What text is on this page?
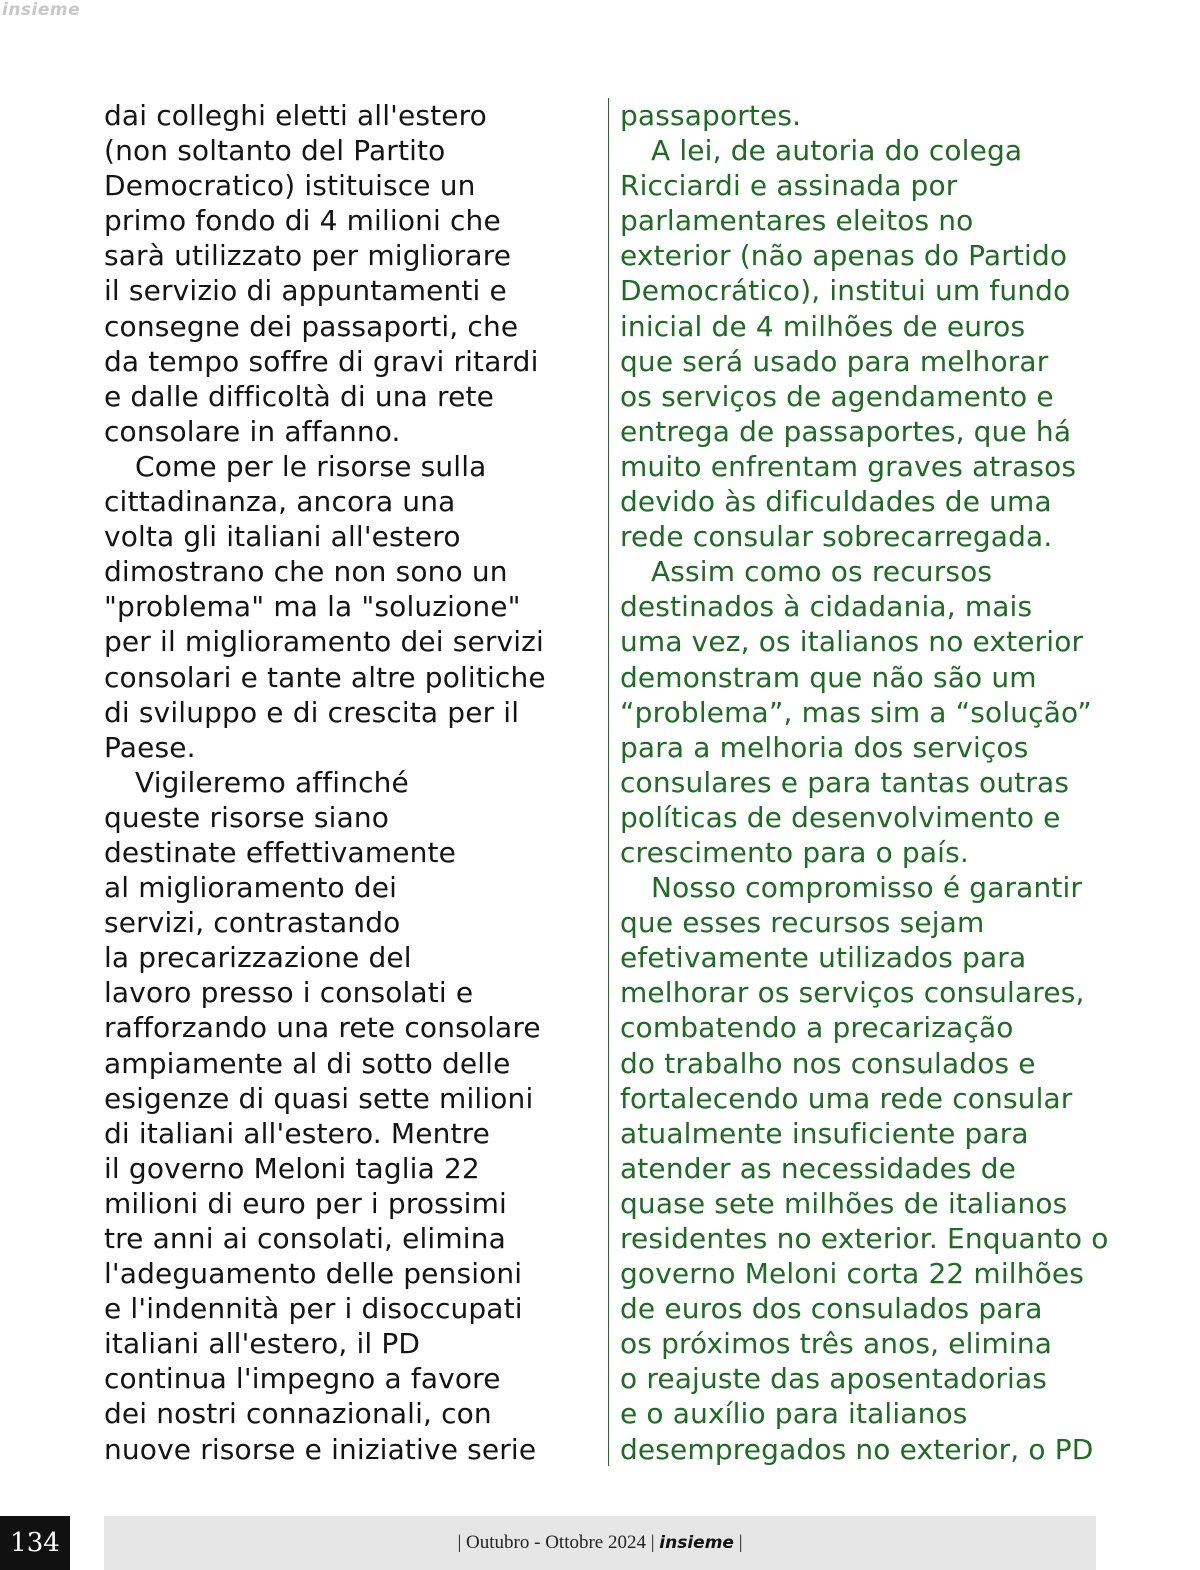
insieme
dai colleghi eletti all'estero
(non soltanto del Partito
Democratico) istituisce un
primo fondo di 4 milioni che
sarà utilizzato per migliorare
il servizio di appuntamenti e
consegne dei passaporti, che
da tempo soffre di gravi ritardi
e dalle difficoltà di una rete
consolare in affanno.
Come per le risorse sulla
cittadinanza, ancora una
volta gli italiani all'estero
dimostrano che non sono un
"problema" ma la "soluzione"
per il miglioramento dei servizi
consolari e tante altre politiche
di sviluppo e di crescita per il
Paese.
Vigileremo affinché
queste risorse siano
destinate effettivamente
al miglioramento dei
servizi, contrastando
la precarizzazione del
lavoro presso i consolati e
rafforzando una rete consolare
ampiamente al di sotto delle
esigenze di quasi sette milioni
di italiani all'estero. Mentre
il governo Meloni taglia 22
milioni di euro per i prossimi
tre anni ai consolati, elimina
l'adeguamento delle pensioni
e l'indennità per i disoccupati
italiani all'estero, il PD
continua l'impegno a favore
dei nostri connazionali, con
nuove risorse e iniziative serie
passaportes.
A lei, de autoria do colega
Ricciardi e assinada por
parlamentares eleitos no
exterior (não apenas do Partido
Democrático), institui um fundo
inicial de 4 milhões de euros
que será usado para melhorar
os serviços de agendamento e
entrega de passaportes, que há
muito enfrentam graves atrasos
devido às dificuldades de uma
rede consular sobrecarregada.
Assim como os recursos
destinados à cidadania, mais
uma vez, os italianos no exterior
demonstram que não são um
“problema”, mas sim a “solução”
para a melhoria dos serviços
consulares e para tantas outras
políticas de desenvolvimento e
crescimento para o país.
Nosso compromisso é garantir
que esses recursos sejam
efetivamente utilizados para
melhorar os serviços consulares,
combatendo a precarização
do trabalho nos consulados e
fortalecendo uma rede consular
atualmente insuficiente para
atender as necessidades de
quase sete milhões de italianos
residentes no exterior. Enquanto o
governo Meloni corta 22 milhões
de euros dos consulados para
os próximos três anos, elimina
o reajuste das aposentadorias
e o auxílio para italianos
desempregados no exterior, o PD
134	| Outubro - Ottobre 2024 | insieme |
